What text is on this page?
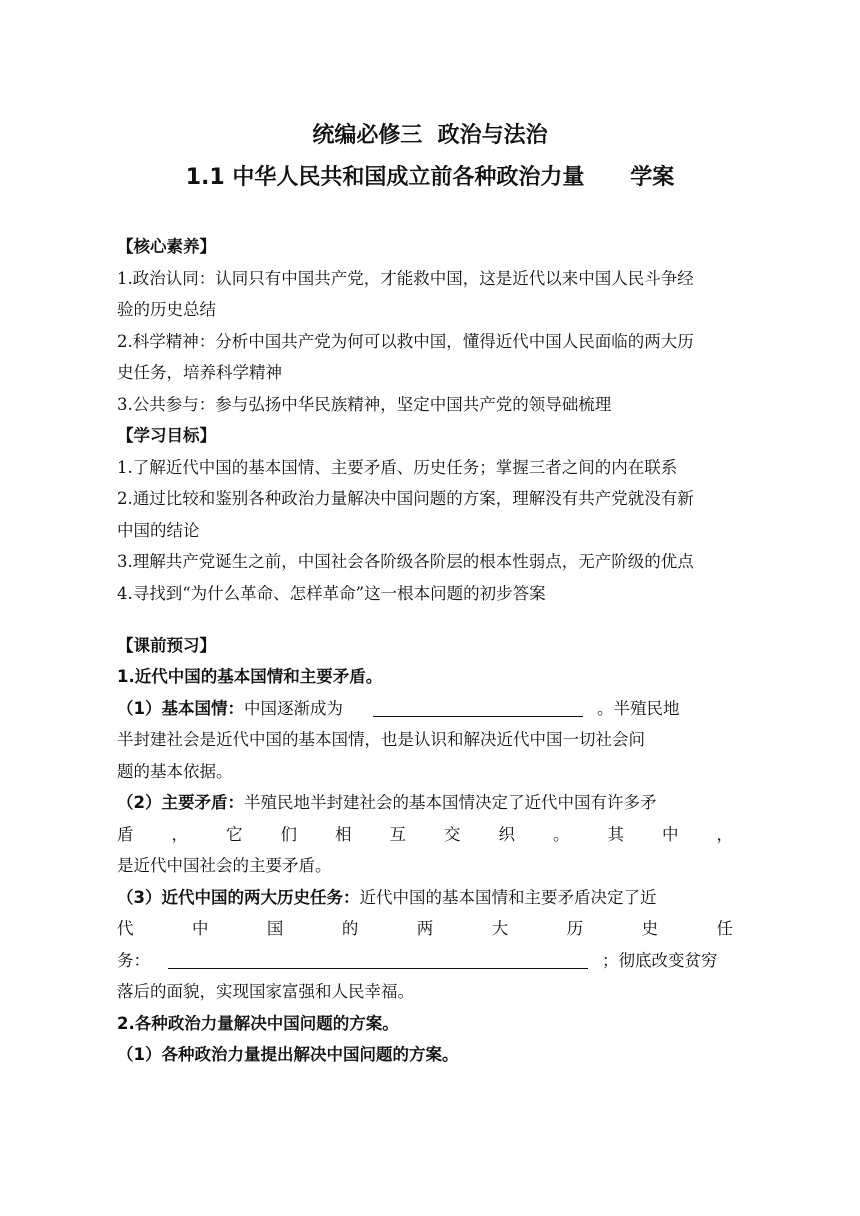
统编必修三  政治与法治
1.1 中华人民共和国成立前各种政治力量      学案
【核心素养】
1.政治认同：认同只有中国共产党，才能救中国，这是近代以来中国人民斗争经
验的历史总结
2.科学精神：分析中国共产党为何可以救中国，懂得近代中国人民面临的两大历
史任务，培养科学精神
3.公共参与：参与弘扬中华民族精神，坚定中国共产党的领导础梳理
【学习目标】
1.了解近代中国的基本国情、主要矛盾、历史任务；掌握三者之间的内在联系
2.通过比较和鉴别各种政治力量解决中国问题的方案，理解没有共产党就没有新
中国的结论
3.理解共产党诞生之前，中国社会各阶级各阶层的根本性弱点，无产阶级的优点
4.寻找到“为什么革命、怎样革命”这一根本问题的初步答案
【课前预习】
1.近代中国的基本国情和主要矛盾。
（1）基本国情：中国逐渐成为	。半殖民地
半封建社会是近代中国的基本国情，也是认识和解决近代中国一切社会问
题的基本依据。
（2）主要矛盾：半殖民地半封建社会的基本国情决定了近代中国有许多矛
盾 ， 它 们 相 互 交 织 。 其 中 ，
是近代中国社会的主要矛盾。
（3）近代中国的两大历史任务：近代中国的基本国情和主要矛盾决定了近
代	中	国	的	两	大	历	史	任
务：	；彻底改变贫穷
落后的面貌，实现国家富强和人民幸福。
2.各种政治力量解决中国问题的方案。
（1）各种政治力量提出解决中国问题的方案。
